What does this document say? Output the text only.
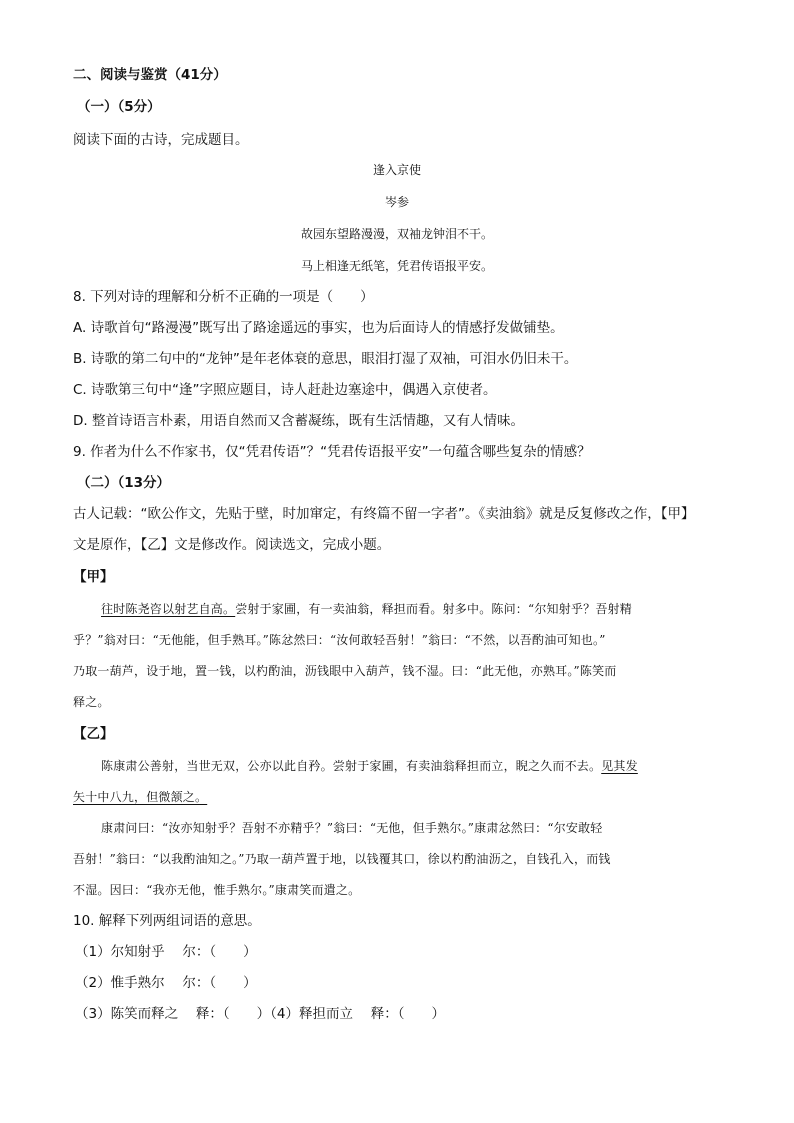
二、阅读与鉴赏（41分）
（一）（5分）
阅读下面的古诗，完成题目。
逢入京使
岑参
故园东望路漫漫，双袖龙钟泪不干。
马上相逢无纸笔，凭君传语报平安。
8. 下列对诗的理解和分析不正确的一项是（　　）
A. 诗歌首句“路漫漫”既写出了路途遥远的事实，也为后面诗人的情感抒发做铺垫。
B. 诗歌的第二句中的“龙钟”是年老体衰的意思，眼泪打湿了双袖，可泪水仍旧未干。
C. 诗歌第三句中“逢”字照应题目，诗人赶赴边塞途中，偶遇入京使者。
D. 整首诗语言朴素，用语自然而又含蓄凝练，既有生活情趣，又有人情味。
9. 作者为什么不作家书，仅“凭君传语”？“凭君传语报平安”一句蕴含哪些复杂的情感？
（二）（13分）
古人记载：“欧公作文，先贴于壁，时加窜定，有终篇不留一字者”。《卖油翁》就是反复修改之作，【甲】
文是原作，【乙】文是修改作。阅读选文，完成小题。
【甲】
往时陈尧咨以射艺自高。尝射于家圃，有一卖油翁，释担而看。射多中。陈问：“尔知射乎？吾射精
乎？”翁对曰：“无他能，但手熟耳。”陈忿然曰：“汝何敢轻吾射！”翁曰：“不然，以吾酌油可知也。”
乃取一葫芦，设于地，置一钱，以杓酌油，沥钱眼中入葫芦，钱不湿。曰：“此无他，亦熟耳。”陈笑而
释之。
【乙】
陈康肃公善射，当世无双，公亦以此自矜。尝射于家圃，有卖油翁释担而立，睨之久而不去。见其发
矢十中八九，但微颔之。
康肃问曰：“汝亦知射乎？吾射不亦精乎？”翁曰：“无他，但手熟尔。”康肃忿然曰：“尔安敢轻
吾射！”翁曰：“以我酌油知之。”乃取一葫芦置于地，以钱覆其口，徐以杓酌油沥之，自钱孔入，而钱
不湿。因曰：“我亦无他，惟手熟尔。”康肃笑而遣之。
10. 解释下列两组词语的意思。
（1）尔知射乎　 尔：（　　）
（2）惟手熟尔　 尔：（　　）
（3）陈笑而释之　 释：（　　）（4）释担而立　 释：（　　）
